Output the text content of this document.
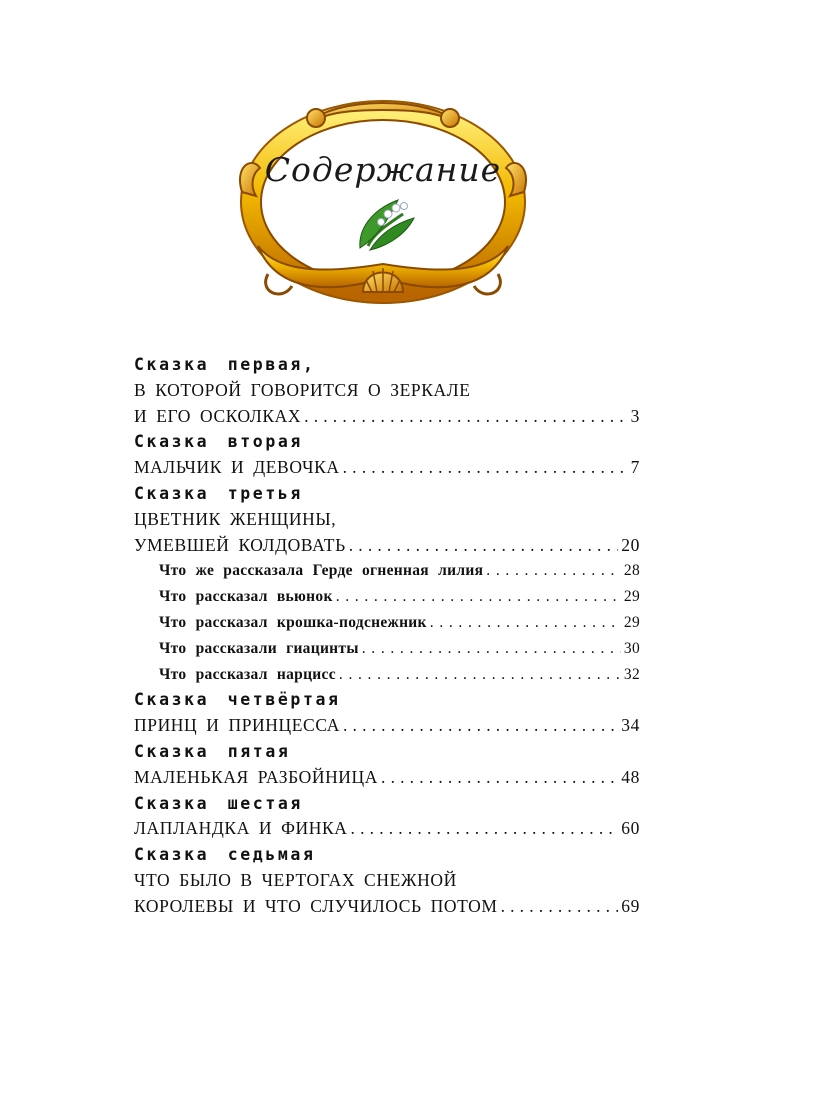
Содержание
Сказка первая,
В КОТОРОЙ ГОВОРИТСЯ О ЗЕРКАЛЕ
И ЕГО ОСКОЛКАХ . . .	3
Сказка вторая
МАЛЬЧИК И ДЕВОЧКА . . .	7
Сказка третья
ЦВЕТНИК ЖЕНЩИНЫ,
УМЕВШЕЙ КОЛДОВАТЬ . . .	20
Что же рассказала Герде огненная лилия . . .	28
Что рассказал вьюнок . . .	29
Что рассказал крошка-подснежник . . .	29
Что рассказали гиацинты . . .	30
Что рассказал нарцисс . . .	32
Сказка четвёртая
ПРИНЦ И ПРИНЦЕССА . . .	34
Сказка пятая
МАЛЕНЬКАЯ РАЗБОЙНИЦА . . .	48
Сказка шестая
ЛАПЛАНДКА И ФИНКА . . .	60
Сказка седьмая
ЧТО БЫЛО В ЧЕРТОГАХ СНЕЖНОЙ
КОРОЛЕВЫ И ЧТО СЛУЧИЛОСЬ ПОТОМ . . .	69
